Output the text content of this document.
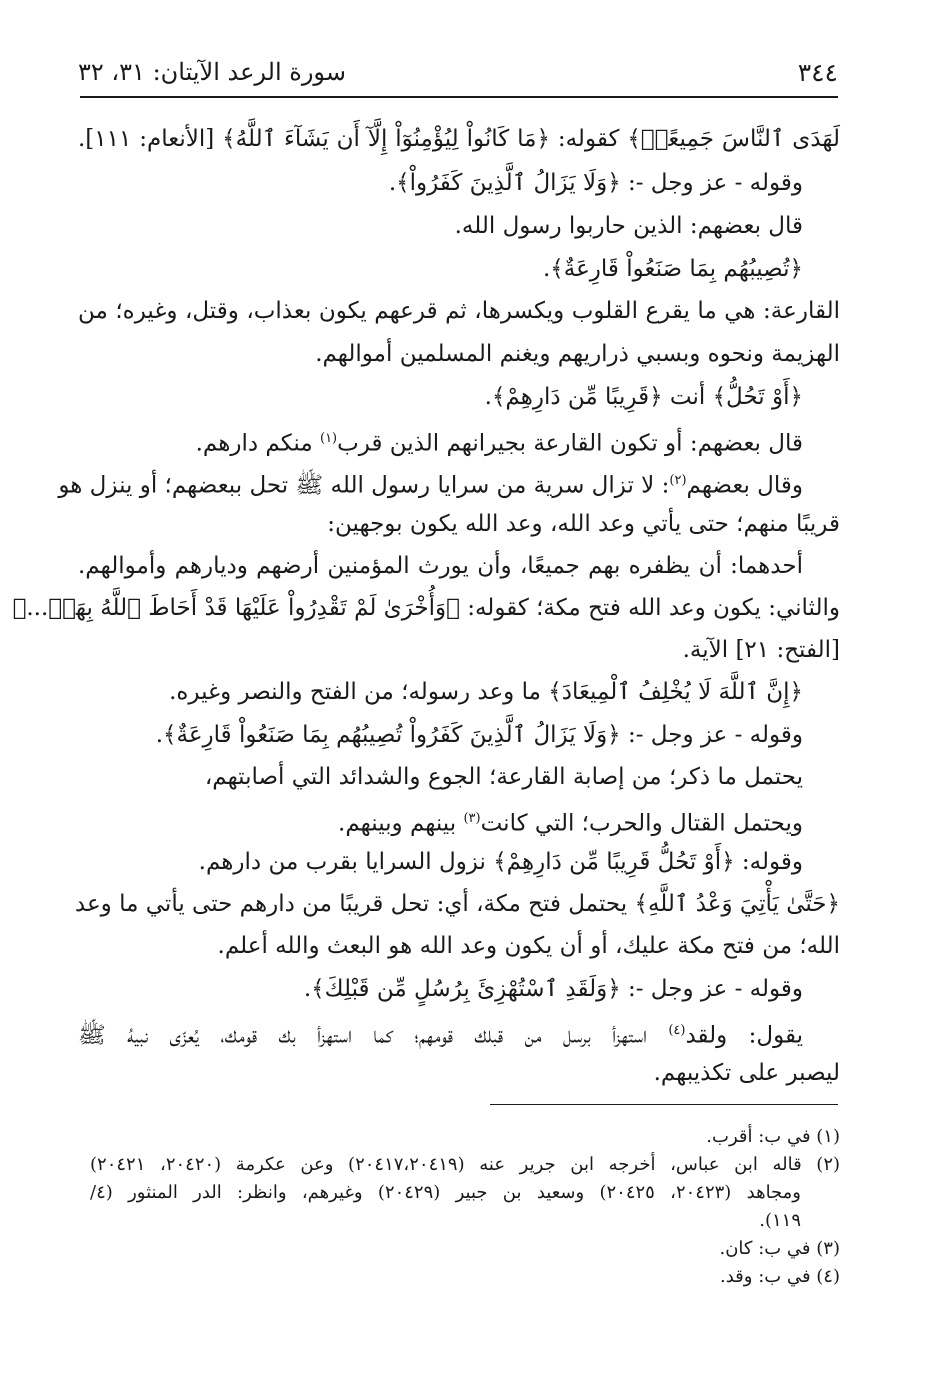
٣٤٤
سورة الرعد الآيتان: ٣١، ٣٢
لَهَدَى ٱلنَّاسَ جَمِيعًاۗ﴾ كقوله: ﴿مَا كَانُواْ لِيُؤْمِنُوٓاْ إِلَّآ أَن يَشَآءَ ٱللَّهُ﴾ [الأنعام: ١١١].
وقوله - عز وجل -: ﴿وَلَا يَزَالُ ٱلَّذِينَ كَفَرُواْ﴾.
قال بعضهم: الذين حاربوا رسول الله.
﴿تُصِيبُهُم بِمَا صَنَعُواْ قَارِعَةٌ﴾.
القارعة: هي ما يقرع القلوب ويكسرها، ثم قرعهم يكون بعذاب، وقتل، وغيره؛ من
الهزيمة ونحوه وبسبي ذراريهم ويغنم المسلمين أموالهم.
﴿أَوْ تَحُلُّ﴾ أنت ﴿قَرِيبًا مِّن دَارِهِمْ﴾.
قال بعضهم: أو تكون القارعة بجيرانهم الذين قرب$^{(١)}$ منكم دارهم.
وقال بعضهم$^{(٢)}$: لا تزال سرية من سرايا رسول الله ﷺ تحل ببعضهم؛ أو ينزل هو
قريبًا منهم؛ حتى يأتي وعد الله، وعد الله يكون بوجهين:
أحدهما: أن يظفره بهم جميعًا، وأن يورث المؤمنين أرضهم وديارهم وأموالهم.
والثاني: يكون وعد الله فتح مكة؛ كقوله: ﴿وَأُخْرَىٰ لَمْ تَقْدِرُواْ عَلَيْهَا قَدْ أَحَاطَ ٱللَّهُ بِهَاۚ...﴾
[الفتح: ٢١] الآية.
﴿إِنَّ ٱللَّهَ لَا يُخْلِفُ ٱلْمِيعَادَ﴾ ما وعد رسوله؛ من الفتح والنصر وغيره.
وقوله - عز وجل -: ﴿وَلَا يَزَالُ ٱلَّذِينَ كَفَرُواْ تُصِيبُهُم بِمَا صَنَعُواْ قَارِعَةٌ﴾.
يحتمل ما ذكر؛ من إصابة القارعة؛ الجوع والشدائد التي أصابتهم،
ويحتمل القتال والحرب؛ التي كانت$^{(٣)}$ بينهم وبينهم.
وقوله: ﴿أَوْ تَحُلُّ قَرِيبًا مِّن دَارِهِمْ﴾ نزول السرايا بقرب من دارهم.
﴿حَتَّىٰ يَأْتِيَ وَعْدُ ٱللَّهِ﴾ يحتمل فتح مكة، أي: تحل قريبًا من دارهم حتى يأتي ما وعد
الله؛ من فتح مكة عليك، أو أن يكون وعد الله هو البعث والله أعلم.
وقوله - عز وجل -: ﴿وَلَقَدِ ٱسْتُهْزِئَ بِرُسُلٍ مِّن قَبْلِكَ﴾.
يقول: ولقد$^{(٤)}$ استهزأ برسل من قبلك قومهم؛ كما استهزأ بك قومك، يُعزّى نبيهُ ﷺ
ليصبر على تكذيبهم.
(١) في ب: أقرب.
(٢) قاله ابن عباس، أخرجه ابن جرير عنه (٢٠٤١٧،٢٠٤١٩) وعن عكرمة (٢٠٤٢٠، ٢٠٤٢١)
ومجاهد (٢٠٤٢٣، ٢٠٤٢٥) وسعيد بن جبير (٢٠٤٢٩) وغيرهم، وانظر: الدر المنثور (٤/
١١٩).
(٣) في ب: كان.
(٤) في ب: وقد.
